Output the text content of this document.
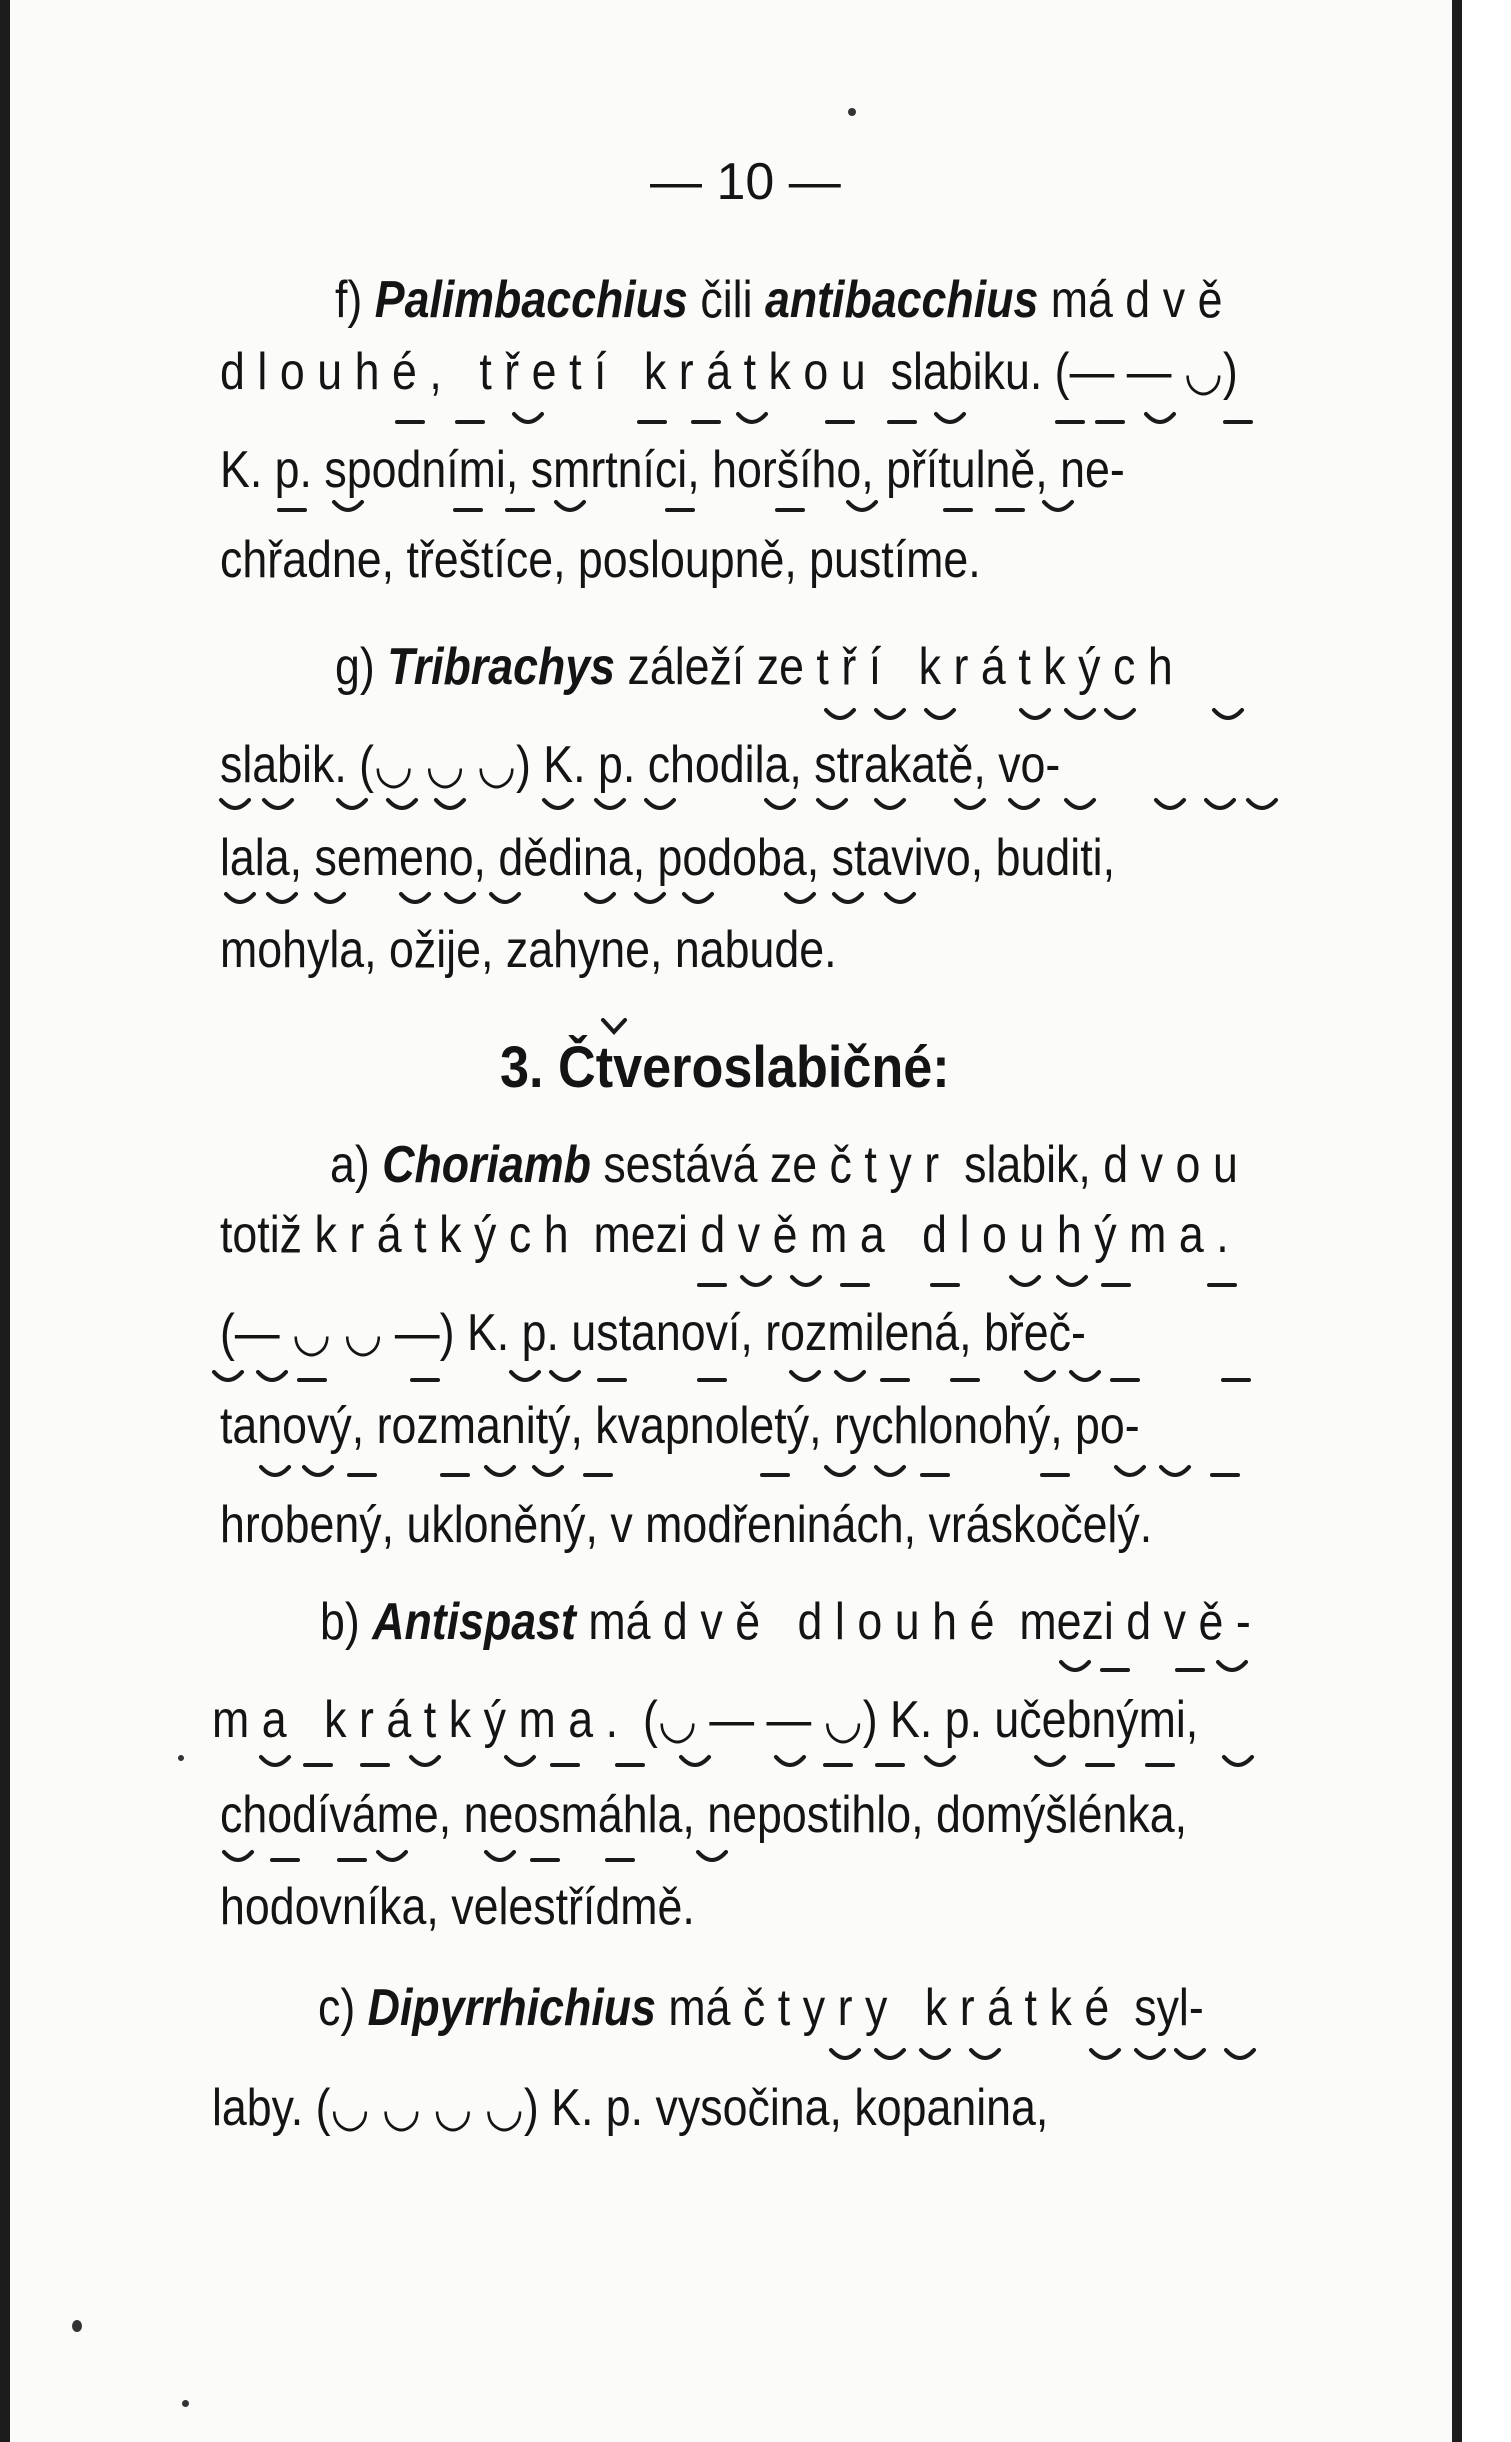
— 10 —
f) Palimbacchius čili antibacchius má dvě
dlouhé, třetí krátkou slabiku. (— — ◡)
K. p. spodními, smrtníci, horšího, přítulně, ne-
chřadne, třeštíce, posloupně, pustíme.
g) Tribrachys záleží ze tří krátkých
slabik. (◡ ◡ ◡) K. p. chodila, strakatě, vo-
lala, semeno, dědina, podoba, stavivo, buditi,
mohyla, ožije, zahyne, nabude.
3. Čtveroslabičné:
a) Choriamb sestává ze čtyr slabik, dvou
totiž krátkých mezi dvěma dlouhýma.
(— ◡ ◡ —) K. p. ustanoví, rozmilená, břeč-
tanový, rozmanitý, kvapnoletý, rychlonohý, po-
hrobený, ukloněný, v modřeninách, vráskočelý.
b) Antispast má dvě dlouhé mezi dvě-
ma krátkýma. (◡ — — ◡) K. p. učebnými,
chodíváme, neosmáhla, nepostihlo, domýšlénka,
hodovníka, velestřídmě.
c) Dipyrrhichius má čtyry krátké syl-
laby. (◡ ◡ ◡ ◡) K. p. vysočina, kopanina,
